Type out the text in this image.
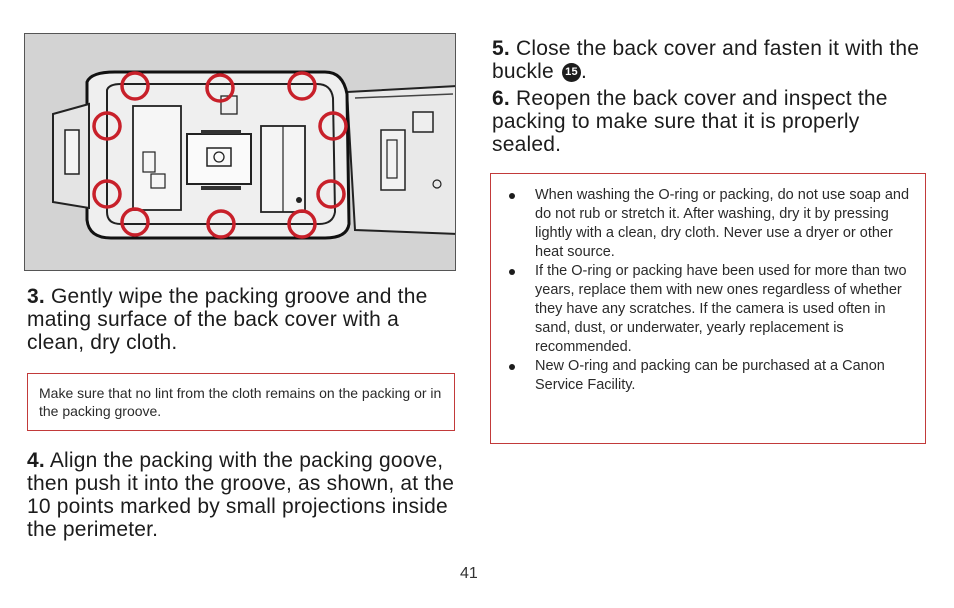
3. Gently wipe the packing groove and the mating surface of the back cover with a clean, dry cloth.
Make sure that no lint from the cloth remains on the packing or in the packing groove.
4. Align the packing with the packing goove, then push it into the groove, as shown, at the 10 points marked by small projections inside the perimeter.
5. Close the back cover and fasten it with the buckle 15 .
6. Reopen the back cover and inspect the packing to make sure that it is properly sealed.
When washing the O-ring or packing, do not use soap and do not rub or stretch it. After washing, dry it by pressing lightly with a clean, dry cloth. Never use a dryer or other heat source.
If the O-ring or packing have been used for more than two years, replace them with new ones regardless of whether they have any scratches. If the camera is used often in sand, dust, or underwater, yearly replacement is recommended.
New O-ring and packing can be purchased at a Canon Service Facility.
41
